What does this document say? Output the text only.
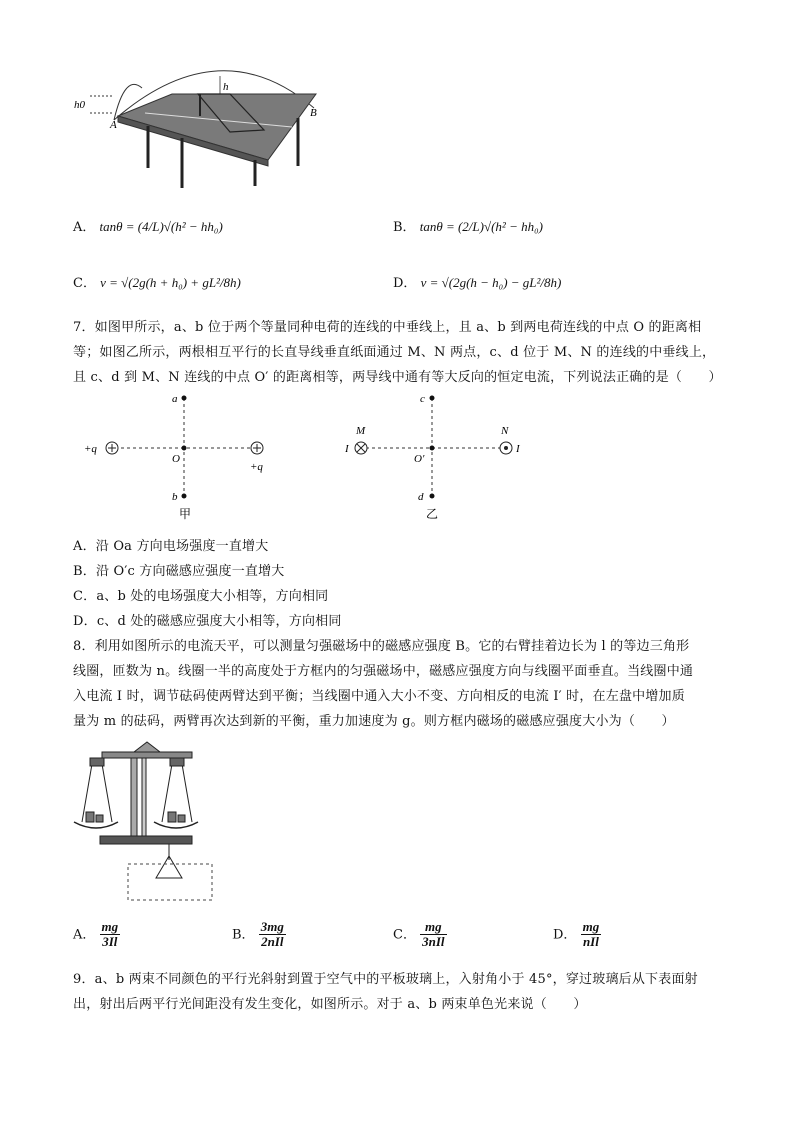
h0
h
A
B
A． tanθ = (4/L)√(h² − hh₀)	B． tanθ = (2/L)√(h² − hh₀)
C． v = √(2g(h + h₀) + gL²/8h)	D． v = √(2g(h − h₀) − gL²/8h)
7．如图甲所示，a、b 位于两个等量同种电荷的连线的中垂线上，且 a、b 到两电荷连线的中点 O 的距离相
等；如图乙所示，两根相互平行的长直导线垂直纸面通过 M、N 两点，c、d 位于 M、N 的连线的中垂线上，
且 c、d 到 M、N 连线的中点 O′ 的距离相等，两导线中通有等大反向的恒定电流，下列说法正确的是（　　）
a
O
b
+q
+q
甲
c
O′
d
M	N
I	I
乙
A．沿 Oa 方向电场强度一直增大
B．沿 O′c 方向磁感应强度一直增大
C．a、b 处的电场强度大小相等，方向相同
D．c、d 处的磁感应强度大小相等，方向相同
8．利用如图所示的电流天平，可以测量匀强磁场中的磁感应强度 B。它的右臂挂着边长为 l 的等边三角形
线圈，匝数为 n。线圈一半的高度处于方框内的匀强磁场中，磁感应强度方向与线圈平面垂直。当线圈中通
入电流 I 时，调节砝码使两臂达到平衡；当线圈中通入大小不变、方向相反的电流 I′ 时，在左盘中增加质
量为 m 的砝码，两臂再次达到新的平衡，重力加速度为 g。则方框内磁场的磁感应强度大小为（　　）
A． $\frac{mg}{3Il}$	B． $\frac{3mg}{\text{2nIl}}$	C． $\frac{mg}{\text{3nIl}}$	D． $\frac{mg}{\text{nIl}}$
9．a、b 两束不同颜色的平行光斜射到置于空气中的平板玻璃上，入射角小于 45°，穿过玻璃后从下表面射
出，射出后两平行光间距没有发生变化，如图所示。对于 a、b 两束单色光来说（　　）
